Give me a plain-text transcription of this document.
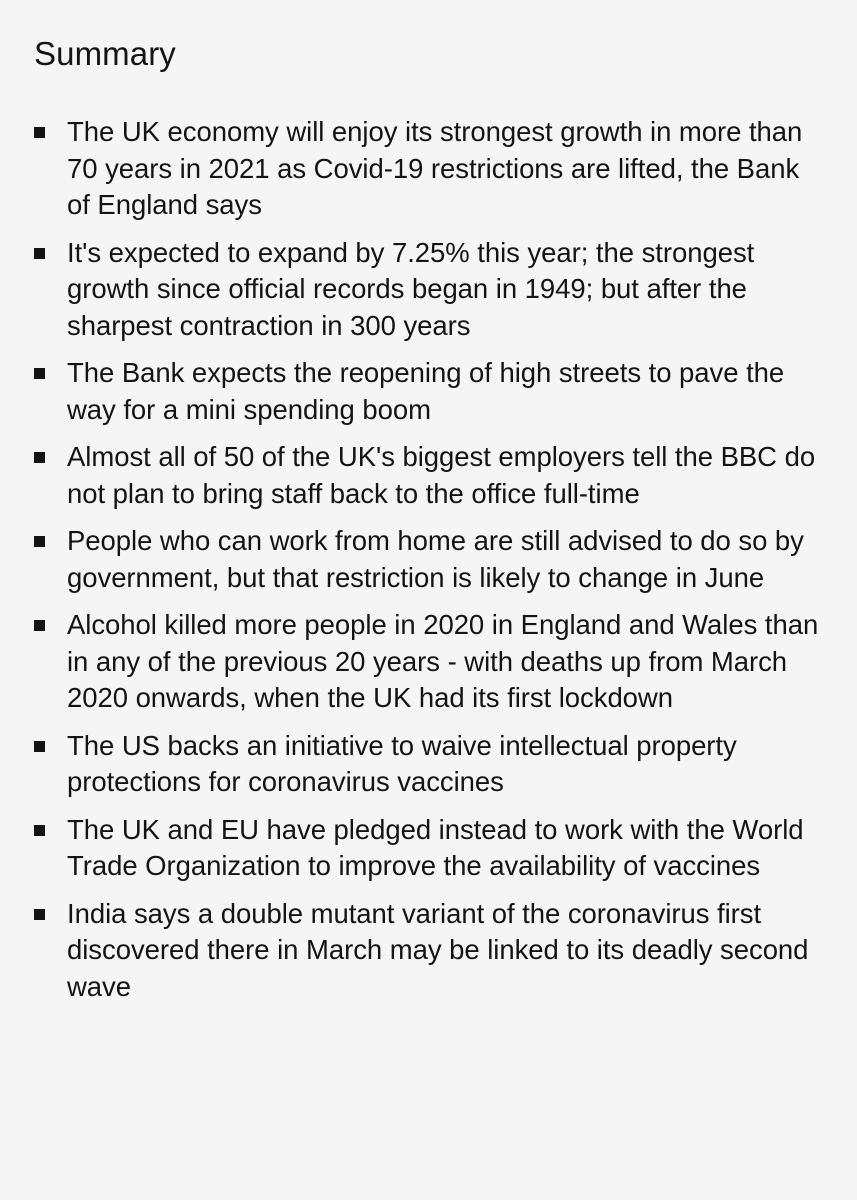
Summary
The UK economy will enjoy its strongest growth in more than 70 years in 2021 as Covid-19 restrictions are lifted, the Bank of England says
It's expected to expand by 7.25% this year; the strongest growth since official records began in 1949; but after the sharpest contraction in 300 years
The Bank expects the reopening of high streets to pave the way for a mini spending boom
Almost all of 50 of the UK's biggest employers tell the BBC do not plan to bring staff back to the office full-time
People who can work from home are still advised to do so by government, but that restriction is likely to change in June
Alcohol killed more people in 2020 in England and Wales than in any of the previous 20 years - with deaths up from March 2020 onwards, when the UK had its first lockdown
The US backs an initiative to waive intellectual property protections for coronavirus vaccines
The UK and EU have pledged instead to work with the World Trade Organization to improve the availability of vaccines
India says a double mutant variant of the coronavirus first discovered there in March may be linked to its deadly second wave
